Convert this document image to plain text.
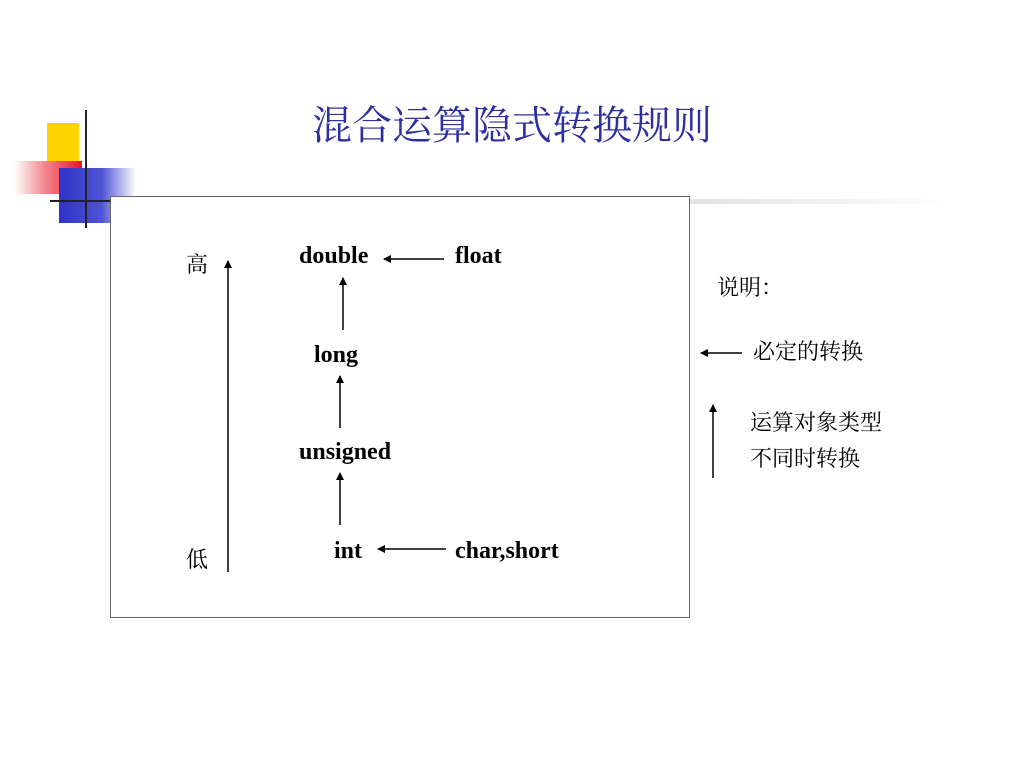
混合运算隐式转换规则
double	float
long
unsigned
int	char,short
高
低
说明：
必定的转换
运算对象类型
不同时转换
